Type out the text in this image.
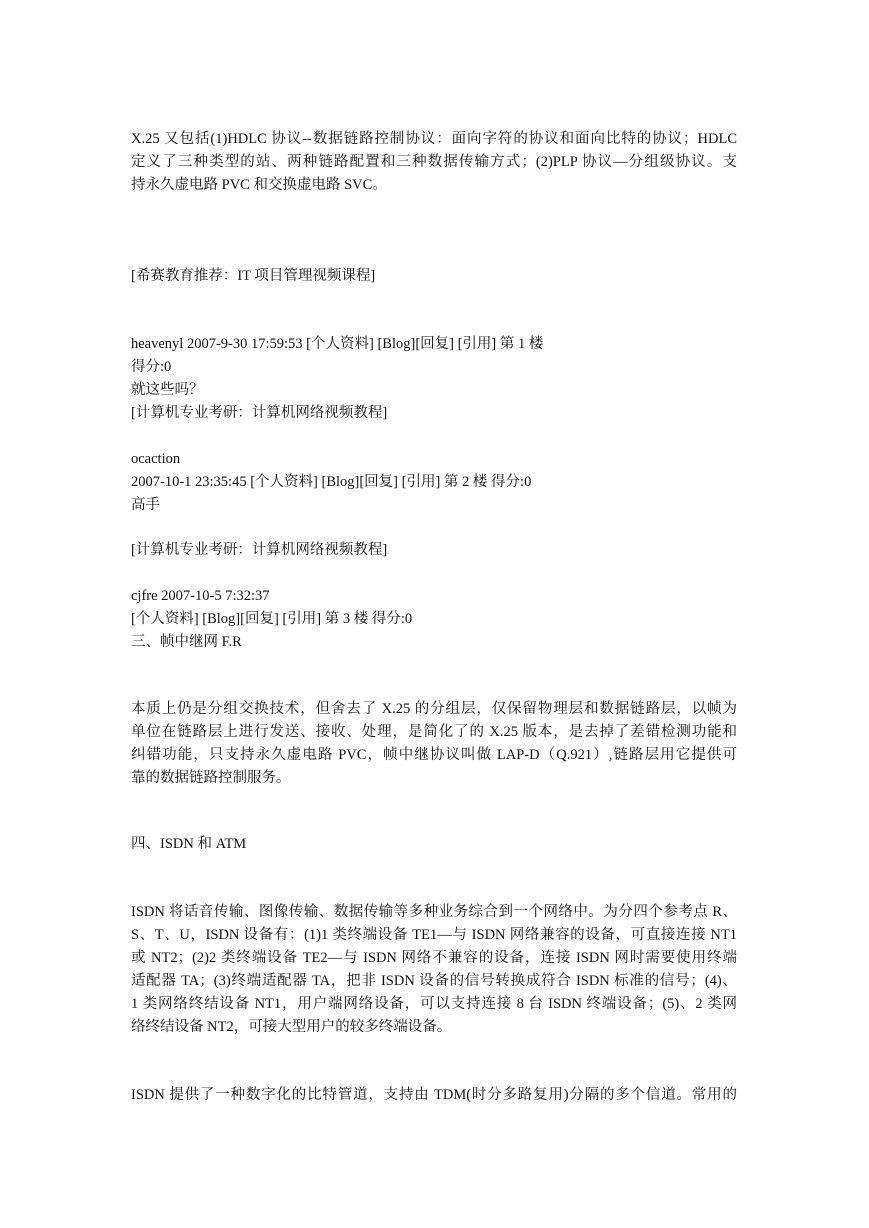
X.25 又包括(1)HDLC 协议--数据链路控制协议：面向字符的协议和面向比特的协议；HDLC
定义了三种类型的站、两种链路配置和三种数据传输方式；(2)PLP 协议—分组级协议。支
持永久虚电路 PVC 和交换虚电路 SVC。
[希赛教育推荐：IT 项目管理视频课程]
heavenyl 2007-9-30 17:59:53 [个人资料] [Blog][回复] [引用] 第 1 楼
得分:0
就这些吗？
[计算机专业考研：计算机网络视频教程]
ocaction
2007-10-1 23:35:45 [个人资料] [Blog][回复] [引用] 第 2 楼 得分:0
高手
[计算机专业考研：计算机网络视频教程]
cjfre 2007-10-5 7:32:37
[个人资料] [Blog][回复] [引用] 第 3 楼 得分:0
三、帧中继网 F.R
本质上仍是分组交换技术，但舍去了 X.25 的分组层，仅保留物理层和数据链路层，以帧为
单位在链路层上进行发送、接收、处理，是简化了的 X.25 版本，是去掉了差错检测功能和
纠错功能，只支持永久虚电路 PVC，帧中继协议叫做 LAP-D（Q.921）,链路层用它提供可
靠的数据链路控制服务。
四、ISDN 和 ATM
ISDN 将话音传输、图像传输、数据传输等多种业务综合到一个网络中。为分四个参考点 R、
S、T、U，ISDN 设备有：(1)1 类终端设备 TE1—与 ISDN 网络兼容的设备，可直接连接 NT1
或 NT2；(2)2 类终端设备 TE2—与 ISDN 网络不兼容的设备，连接 ISDN 网时需要使用终端
适配器 TA；(3)终端适配器 TA，把非 ISDN 设备的信号转换成符合 ISDN 标准的信号；(4)、
1 类网络终结设备 NT1，用户端网络设备，可以支持连接 8 台 ISDN 终端设备；(5)、2 类网
络终结设备 NT2，可接大型用户的较多终端设备。
ISDN 提供了一种数字化的比特管道，支持由 TDM(时分多路复用)分隔的多个信道。常用的
